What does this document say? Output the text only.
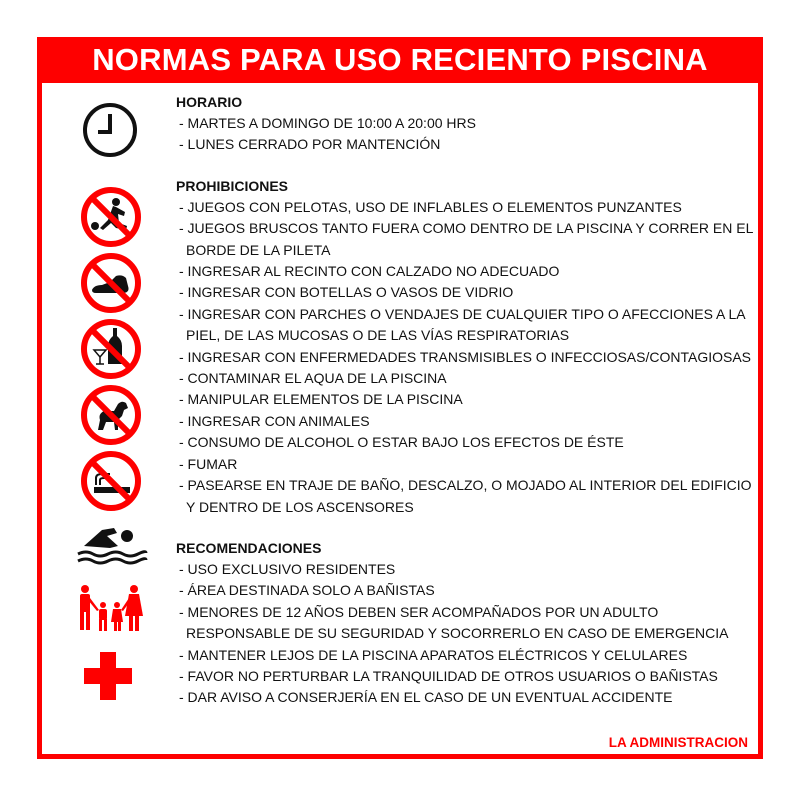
NORMAS PARA USO RECIENTO PISCINA
HORARIO
- MARTES A DOMINGO DE 10:00 A 20:00 HRS
- LUNES CERRADO POR MANTENCIÓN
PROHIBICIONES
- JUEGOS CON PELOTAS, USO DE INFLABLES O ELEMENTOS PUNZANTES
- JUEGOS BRUSCOS TANTO FUERA COMO DENTRO DE LA PISCINA Y CORRER EN EL
BORDE DE LA PILETA
- INGRESAR AL RECINTO CON CALZADO NO ADECUADO
- INGRESAR CON BOTELLAS O VASOS DE VIDRIO
- INGRESAR CON PARCHES O VENDAJES DE CUALQUIER TIPO O AFECCIONES A LA
PIEL, DE LAS MUCOSAS O DE LAS VÍAS RESPIRATORIAS
- INGRESAR CON ENFERMEDADES TRANSMISIBLES O INFECCIOSAS/CONTAGIOSAS
- CONTAMINAR EL AQUA DE LA PISCINA
- MANIPULAR ELEMENTOS DE LA PISCINA
- INGRESAR CON ANIMALES
- CONSUMO DE ALCOHOL O ESTAR BAJO LOS EFECTOS DE ÉSTE
- FUMAR
- PASEARSE EN TRAJE DE BAÑO, DESCALZO, O MOJADO AL INTERIOR DEL EDIFICIO
Y DENTRO DE LOS ASCENSORES
RECOMENDACIONES
- USO EXCLUSIVO RESIDENTES
- ÁREA DESTINADA SOLO A BAÑISTAS
- MENORES DE 12 AÑOS DEBEN SER ACOMPAÑADOS POR UN ADULTO
RESPONSABLE DE SU SEGURIDAD Y SOCORRERLO EN CASO DE EMERGENCIA
- MANTENER LEJOS DE LA PISCINA APARATOS ELÉCTRICOS Y CELULARES
- FAVOR NO PERTURBAR LA TRANQUILIDAD DE OTROS USUARIOS O BAÑISTAS
- DAR AVISO A CONSERJERÍA EN EL CASO DE UN EVENTUAL ACCIDENTE
LA ADMINISTRACION
